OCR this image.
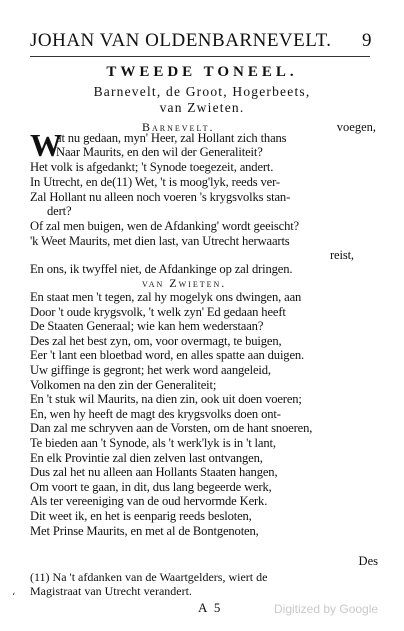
JOHAN VAN OLDENBARNEVELT. 9
TWEEDE TONEEL.
Barnevelt, de Groot, Hogerbeets,
van Zwieten.
Barnevelt.	voegen,
W
at nu gedaan, myn' Heer, zal Hollant zich thans
Naar Maurits, en den wil der Generaliteit?
Het volk is afgedankt; 't Synode toegezeit, andert.
In Utrecht, en de(11) Wet, 't is moog'lyk, reeds ver-
Zal Hollant nu alleen noch voeren 's krygsvolks stan-
dert?
Of zal men buigen, wen de Afdanking' wordt geeischt?
'k Weet Maurits, met dien last, van Utrecht herwaarts
reist,
En ons, ik twyffel niet, de Afdankinge op zal dringen.
van Zwieten.
En staat men 't tegen, zal hy mogelyk ons dwingen, aan
Door 't oude krygsvolk, 't welk zyn' Ed gedaan heeft
De Staaten Generaal; wie kan hem wederstaan?
Des zal het best zyn, om, voor overmagt, te buigen,
Eer 't lant een bloetbad word, en alles spatte aan duigen.
Uw giffinge is gegront; het werk word aangeleid,
Volkomen na den zin der Generaliteit;
En 't stuk wil Maurits, na dien zin, ook uit doen voeren;
En, wen hy heeft de magt des krygsvolks doen ont-
Dan zal me schryven aan de Vorsten, om de hant snoeren,
Te bieden aan 't Synode, als 't werk'lyk is in 't lant,
En elk Provintie zal dien zelven last ontvangen,
Dus zal het nu alleen aan Hollants Staaten hangen,
Om voort te gaan, in dit, dus lang begeerde werk,
Als ter vereeniging van de oud hervormde Kerk.
Dit weet ik, en het is eenparig reeds besloten,
Met Prinse Maurits, en met al de Bontgenoten,
Des
(11) Na 't afdanken van de Waartgelders, wiert de
Magistraat van Utrecht verandert.
A 5
‘
Digitized by Google
